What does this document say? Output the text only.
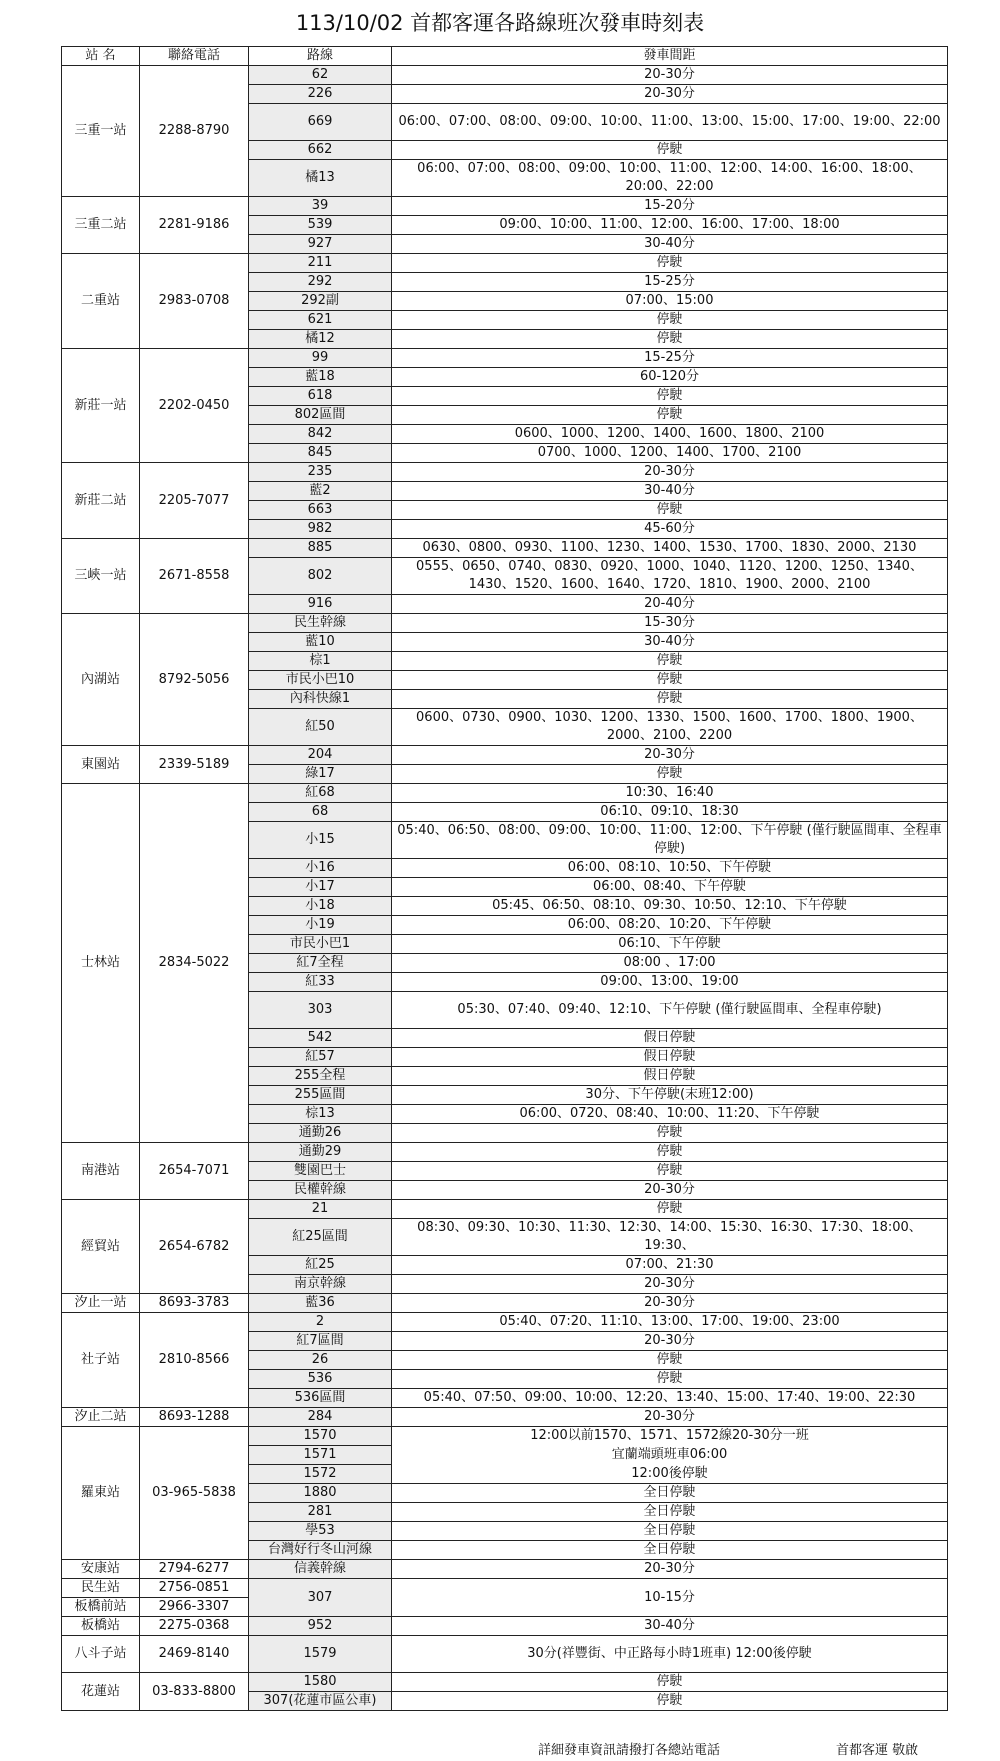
113/10/02 首都客運各路線班次發車時刻表
站 名	聯絡電話	路線	發車間距
三重一站	2288-8790	62	20-30分
		226	20-30分
		669	06:00、07:00、08:00、09:00、10:00、11:00、13:00、15:00、17:00、19:00、22:00
		662	停駛
		橘13	06:00、07:00、08:00、09:00、10:00、11:00、12:00、14:00、16:00、18:00、20:00、22:00
三重二站	2281-9186	39	15-20分
		539	09:00、10:00、11:00、12:00、16:00、17:00、18:00
		927	30-40分
二重站	2983-0708	211	停駛
		292	15-25分
		292副	07:00、15:00
		621	停駛
		橘12	停駛
新莊一站	2202-0450	99	15-25分
		藍18	60-120分
		618	停駛
		802區間	停駛
		842	0600、1000、1200、1400、1600、1800、2100
		845	0700、1000、1200、1400、1700、2100
新莊二站	2205-7077	235	20-30分
		藍2	30-40分
		663	停駛
		982	45-60分
三峽一站	2671-8558	885	0630、0800、0930、1100、1230、1400、1530、1700、1830、2000、2130
		802	0555、0650、0740、0830、0920、1000、1040、1120、1200、1250、1340、1430、1520、1600、1640、1720、1810、1900、2000、2100
		916	20-40分
內湖站	8792-5056	民生幹線	15-30分
		藍10	30-40分
		棕1	停駛
		市民小巴10	停駛
		內科快線1	停駛
		紅50	0600、0730、0900、1030、1200、1330、1500、1600、1700、1800、1900、2000、2100、2200
東園站	2339-5189	204	20-30分
		綠17	停駛
士林站	2834-5022	紅68	10:30、16:40
		68	06:10、09:10、18:30
		小15	05:40、06:50、08:00、09:00、10:00、11:00、12:00、下午停駛 (僅行駛區間車、全程車停駛)
		小16	06:00、08:10、10:50、下午停駛
		小17	06:00、08:40、下午停駛
		小18	05:45、06:50、08:10、09:30、10:50、12:10、下午停駛
		小19	06:00、08:20、10:20、下午停駛
		市民小巴1	06:10、下午停駛
		紅7全程	08:00 、17:00
		紅33	09:00、13:00、19:00
		303	05:30、07:40、09:40、12:10、下午停駛 (僅行駛區間車、全程車停駛)
		542	假日停駛
		紅57	假日停駛
		255全程	假日停駛
		255區間	30分、下午停駛(末班12:00)
		棕13	06:00、0720、08:40、10:00、11:20、下午停駛
		通勤26	停駛
南港站	2654-7071	通勤29	停駛
		雙園巴士	停駛
		民權幹線	20-30分
經貿站	2654-6782	21	停駛
		紅25區間	08:30、09:30、10:30、11:30、12:30、14:00、15:30、16:30、17:30、18:00、19:30、
		紅25	07:00、21:30
		南京幹線	20-30分
汐止一站	8693-3783	藍36	20-30分
社子站	2810-8566	2	05:40、07:20、11:10、13:00、17:00、19:00、23:00
		紅7區間	20-30分
		26	停駛
		536	停駛
		536區間	05:40、07:50、09:00、10:00、12:20、13:40、15:00、17:40、19:00、22:30
汐止二站	8693-1288	284	20-30分
羅東站	03-965-5838	1570	12:00以前1570、1571、1572線20-30分一班
		1571	宜蘭端頭班車06:00
		1572	12:00後停駛
		1880	全日停駛
		281	全日停駛
		學53	全日停駛
		台灣好行冬山河線	全日停駛
安康站	2794-6277	信義幹線	20-30分
民生站	2756-0851	307	10-15分
板橋前站	2966-3307		
板橋站	2275-0368	952	30-40分
八斗子站	2469-8140	1579	30分(祥豐街、中正路每小時1班車) 12:00後停駛
花蓮站	03-833-8800	1580	停駛
		307(花蓮市區公車)	停駛
詳細發車資訊請撥打各總站電話	首都客運 敬啟
